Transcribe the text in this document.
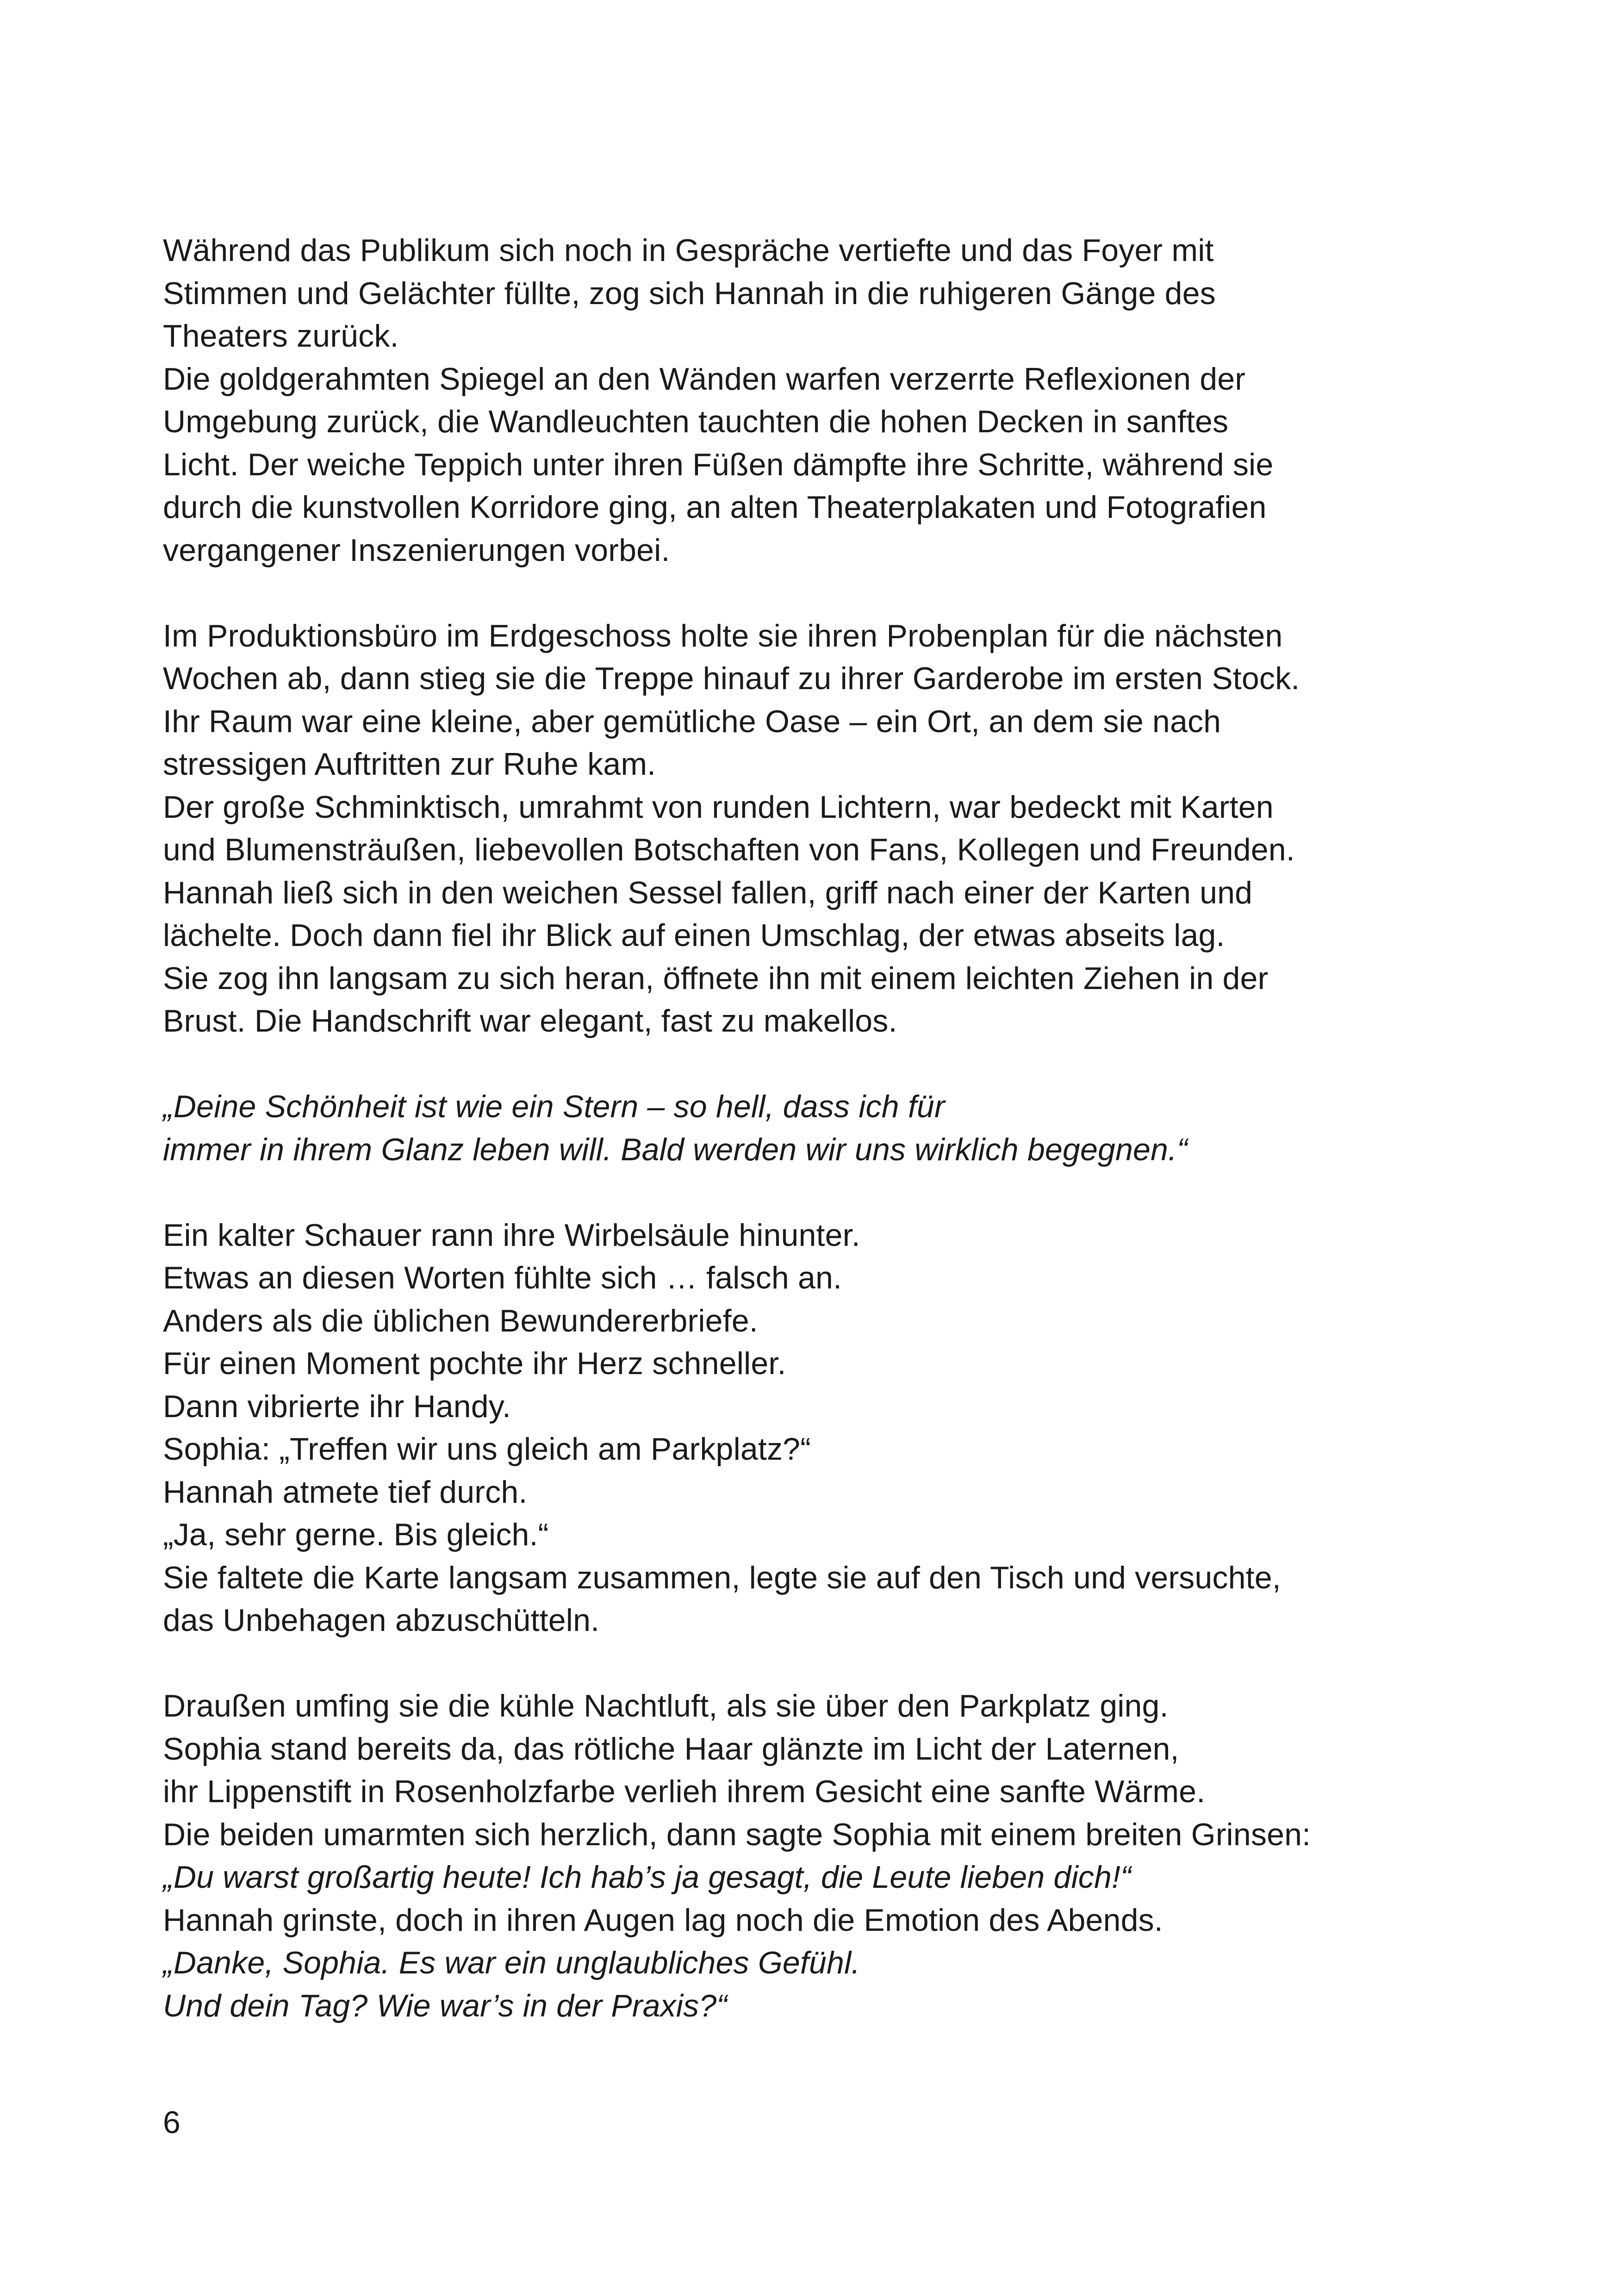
Während das Publikum sich noch in Gespräche vertiefte und das Foyer mit
Stimmen und Gelächter füllte, zog sich Hannah in die ruhigeren Gänge des
Theaters zurück.
Die goldgerahmten Spiegel an den Wänden warfen verzerrte Reflexionen der
Umgebung zurück, die Wandleuchten tauchten die hohen Decken in sanftes
Licht. Der weiche Teppich unter ihren Füßen dämpfte ihre Schritte, während sie
durch die kunstvollen Korridore ging, an alten Theaterplakaten und Fotografien
vergangener Inszenierungen vorbei.
Im Produktionsbüro im Erdgeschoss holte sie ihren Probenplan für die nächsten
Wochen ab, dann stieg sie die Treppe hinauf zu ihrer Garderobe im ersten Stock.
Ihr Raum war eine kleine, aber gemütliche Oase – ein Ort, an dem sie nach
stressigen Auftritten zur Ruhe kam.
Der große Schminktisch, umrahmt von runden Lichtern, war bedeckt mit Karten
und Blumensträußen, liebevollen Botschaften von Fans, Kollegen und Freunden.
Hannah ließ sich in den weichen Sessel fallen, griff nach einer der Karten und
lächelte. Doch dann fiel ihr Blick auf einen Umschlag, der etwas abseits lag.
Sie zog ihn langsam zu sich heran, öffnete ihn mit einem leichten Ziehen in der
Brust. Die Handschrift war elegant, fast zu makellos.
„Deine Schönheit ist wie ein Stern – so hell, dass ich für
immer in ihrem Glanz leben will. Bald werden wir uns wirklich begegnen.“
Ein kalter Schauer rann ihre Wirbelsäule hinunter.
Etwas an diesen Worten fühlte sich … falsch an.
Anders als die üblichen Bewundererbriefe.
Für einen Moment pochte ihr Herz schneller.
Dann vibrierte ihr Handy.
Sophia: „Treffen wir uns gleich am Parkplatz?“
Hannah atmete tief durch.
„Ja, sehr gerne. Bis gleich.“
Sie faltete die Karte langsam zusammen, legte sie auf den Tisch und versuchte,
das Unbehagen abzuschütteln.
Draußen umfing sie die kühle Nachtluft, als sie über den Parkplatz ging.
Sophia stand bereits da, das rötliche Haar glänzte im Licht der Laternen,
ihr Lippenstift in Rosenholzfarbe verlieh ihrem Gesicht eine sanfte Wärme.
Die beiden umarmten sich herzlich, dann sagte Sophia mit einem breiten Grinsen:
„Du warst großartig heute! Ich hab’s ja gesagt, die Leute lieben dich!“
Hannah grinste, doch in ihren Augen lag noch die Emotion des Abends.
„Danke, Sophia. Es war ein unglaubliches Gefühl.
Und dein Tag? Wie war’s in der Praxis?“
6
